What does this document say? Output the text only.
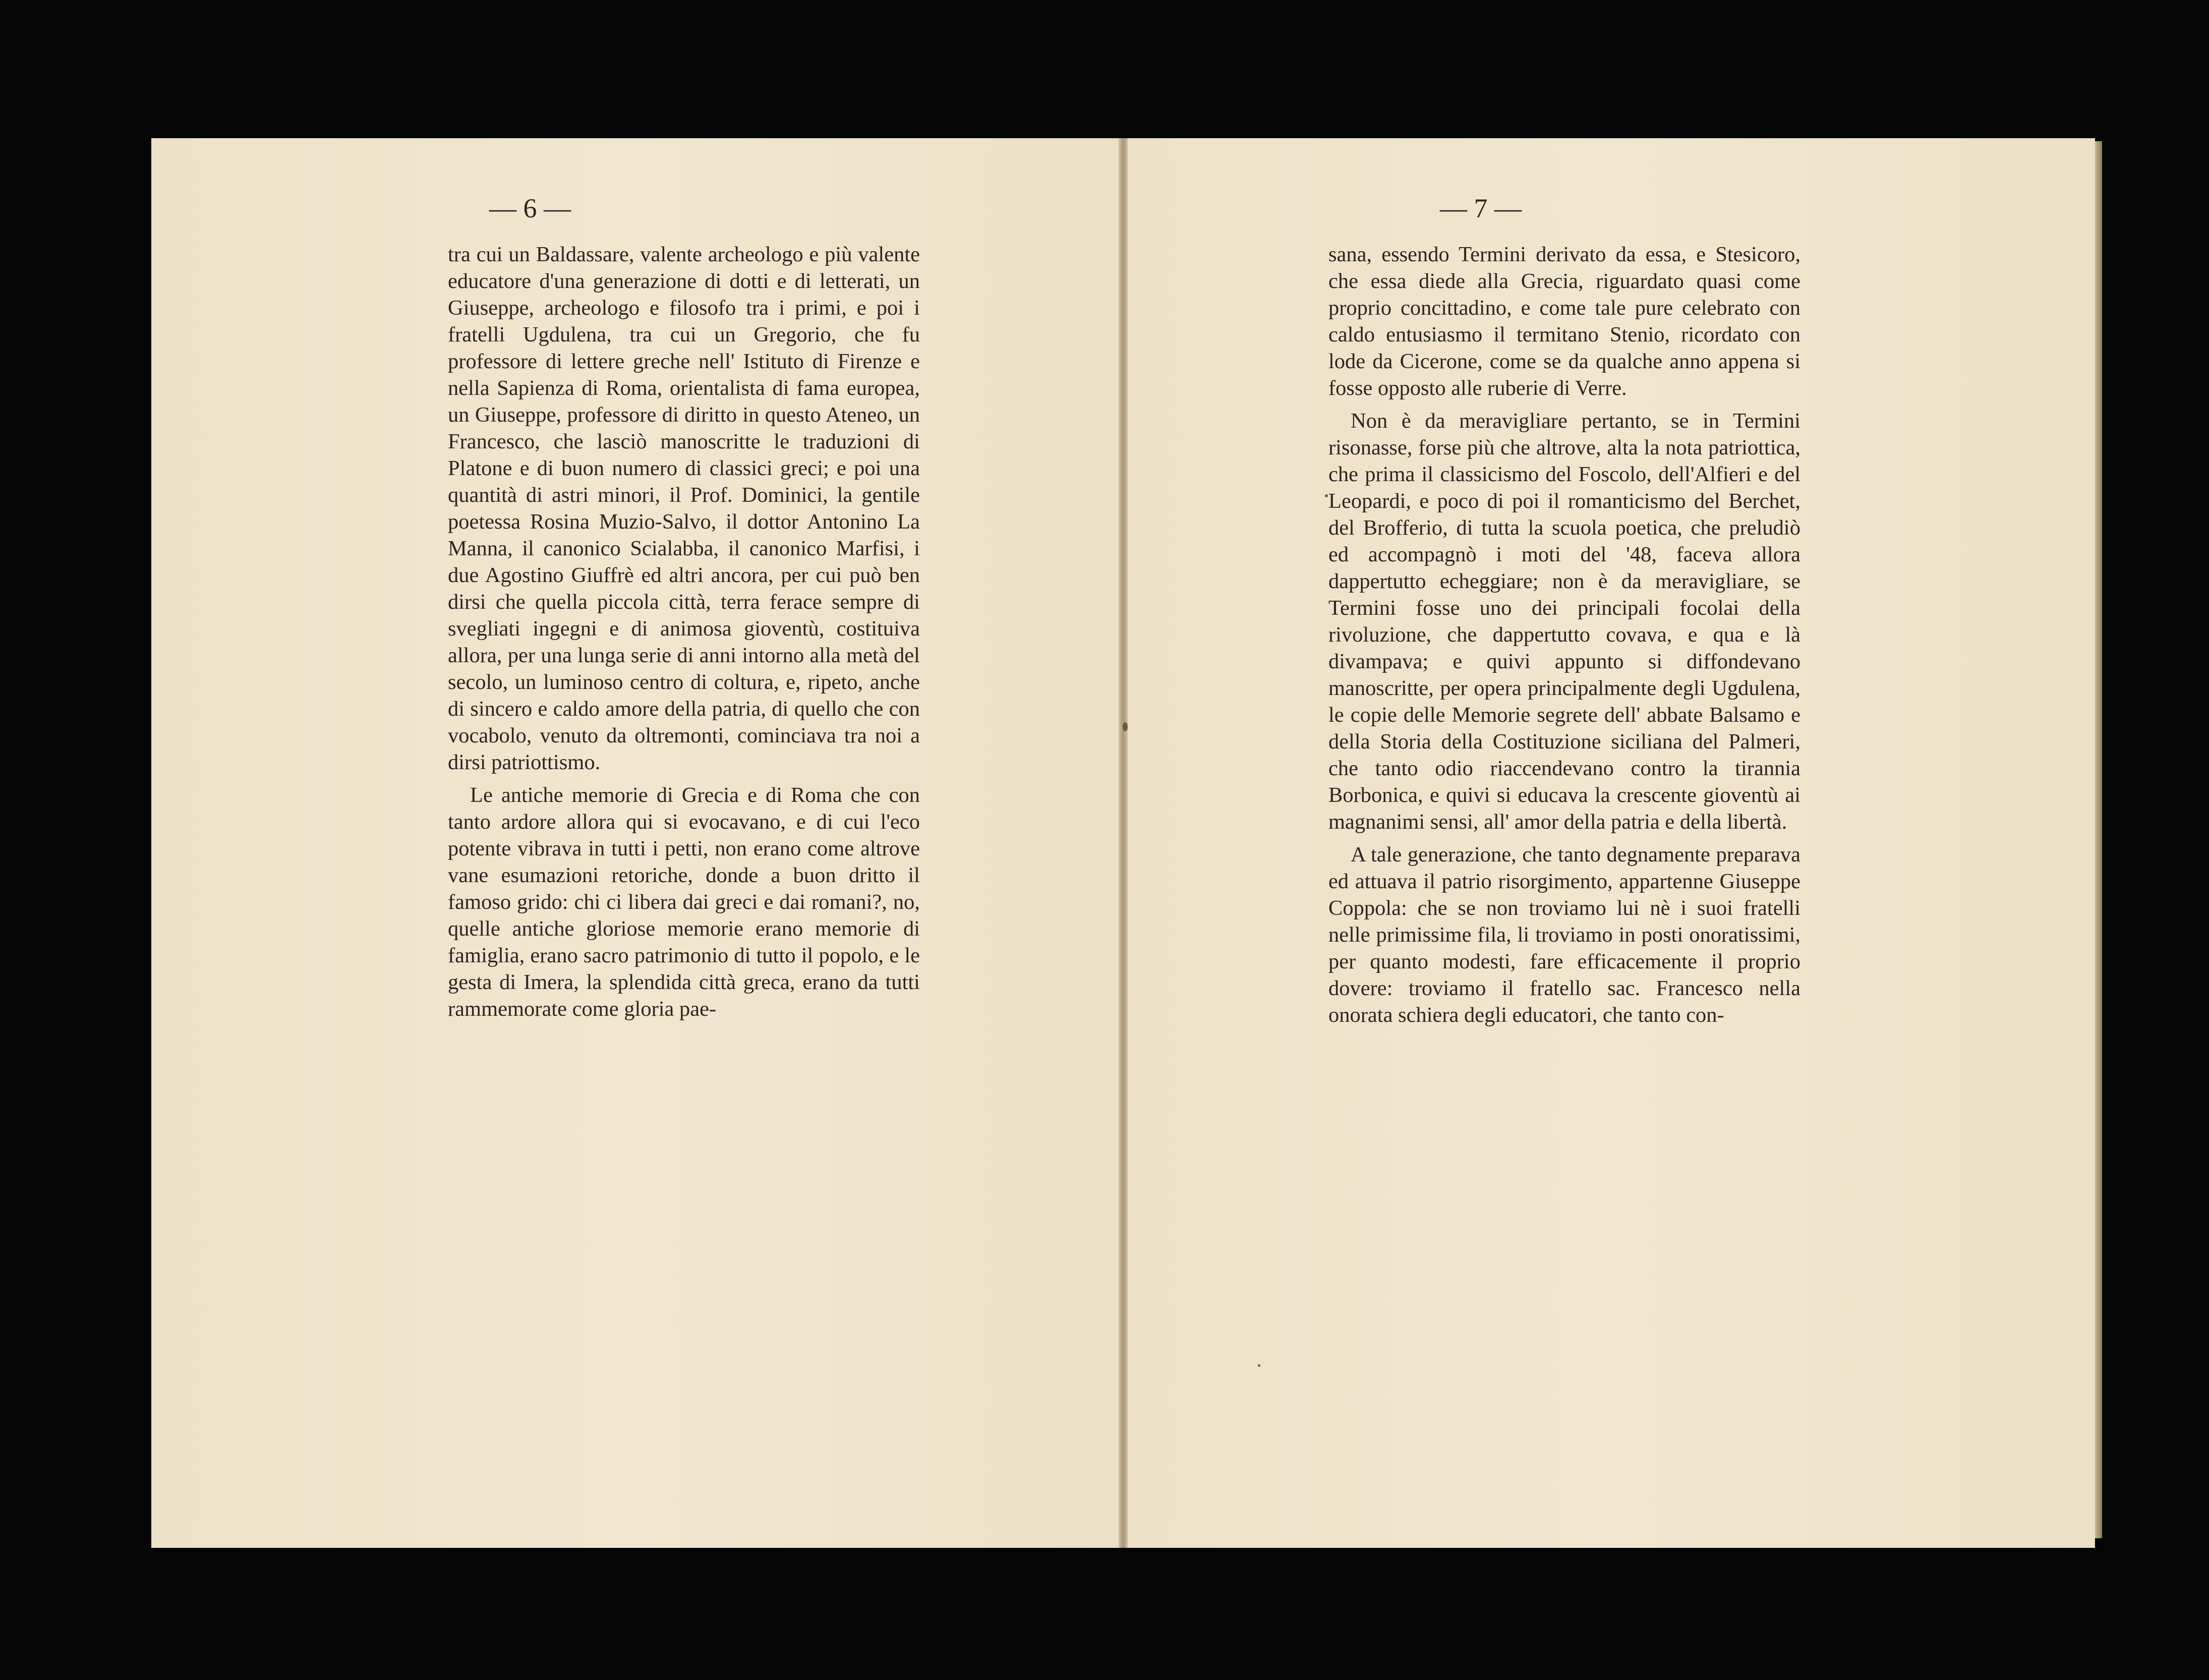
— 6 —

tra cui un Baldassare, valente archeologo e più valente educatore d'una generazione di dotti e di letterati, un Giuseppe, archeologo e filosofo tra i primi, e poi i fratelli Ugdulena, tra cui un Gregorio, che fu professore di lettere greche nell' Istituto di Firenze e nella Sapienza di Roma, orientalista di fama europea, un Giuseppe, professore di diritto in questo Ateneo, un Francesco, che lasciò manoscritte le traduzioni di Platone e di buon numero di classici greci; e poi una quantità di astri minori, il Prof. Dominici, la gentile poetessa Rosina Muzio-Salvo, il dottor Antonino La Manna, il canonico Scialabba, il canonico Marfisi, i due Agostino Giuffrè ed altri ancora, per cui può ben dirsi che quella piccola città, terra ferace sempre di svegliati ingegni e di animosa gioventù, costituiva allora, per una lunga serie di anni intorno alla metà del secolo, un luminoso centro di coltura, e, ripeto, anche di sincero e caldo amore della patria, di quello che con vocabolo, venuto da oltremonti, cominciava tra noi a dirsi patriottismo.

Le antiche memorie di Grecia e di Roma che con tanto ardore allora qui si evocavano, e di cui l'eco potente vibrava in tutti i petti, non erano come altrove vane esumazioni retoriche, donde a buon dritto il famoso grido: chi ci libera dai greci e dai romani?, no, quelle antiche gloriose memorie erano memorie di famiglia, erano sacro patrimonio di tutto il popolo, e le gesta di Imera, la splendida città greca, erano da tutti rammemorate come gloria pae-

— 7 —

sana, essendo Termini derivato da essa, e Stesicoro, che essa diede alla Grecia, riguardato quasi come proprio concittadino, e come tale pure celebrato con caldo entusiasmo il termitano Stenio, ricordato con lode da Cicerone, come se da qualche anno appena si fosse opposto alle ruberie di Verre.

Non è da meravigliare pertanto, se in Termini risonasse, forse più che altrove, alta la nota patriottica, che prima il classicismo del Foscolo, dell'Alfieri e del Leopardi, e poco di poi il romanticismo del Berchet, del Brofferio, di tutta la scuola poetica, che preludiò ed accompagnò i moti del '48, faceva allora dappertutto echeggiare; non è da meravigliare, se Termini fosse uno dei principali focolai della rivoluzione, che dappertutto covava, e qua e là divampava; e quivi appunto si diffondevano manoscritte, per opera principalmente degli Ugdulena, le copie delle Memorie segrete dell' abbate Balsamo e della Storia della Costituzione siciliana del Palmeri, che tanto odio riaccendevano contro la tirannia Borbonica, e quivi si educava la crescente gioventù ai magnanimi sensi, all' amor della patria e della libertà.

A tale generazione, che tanto degnamente preparava ed attuava il patrio risorgimento, appartenne Giuseppe Coppola: che se non troviamo lui nè i suoi fratelli nelle primissime fila, li troviamo in posti onoratissimi, per quanto modesti, fare efficacemente il proprio dovere: troviamo il fratello sac. Francesco nella onorata schiera degli educatori, che tanto con-
